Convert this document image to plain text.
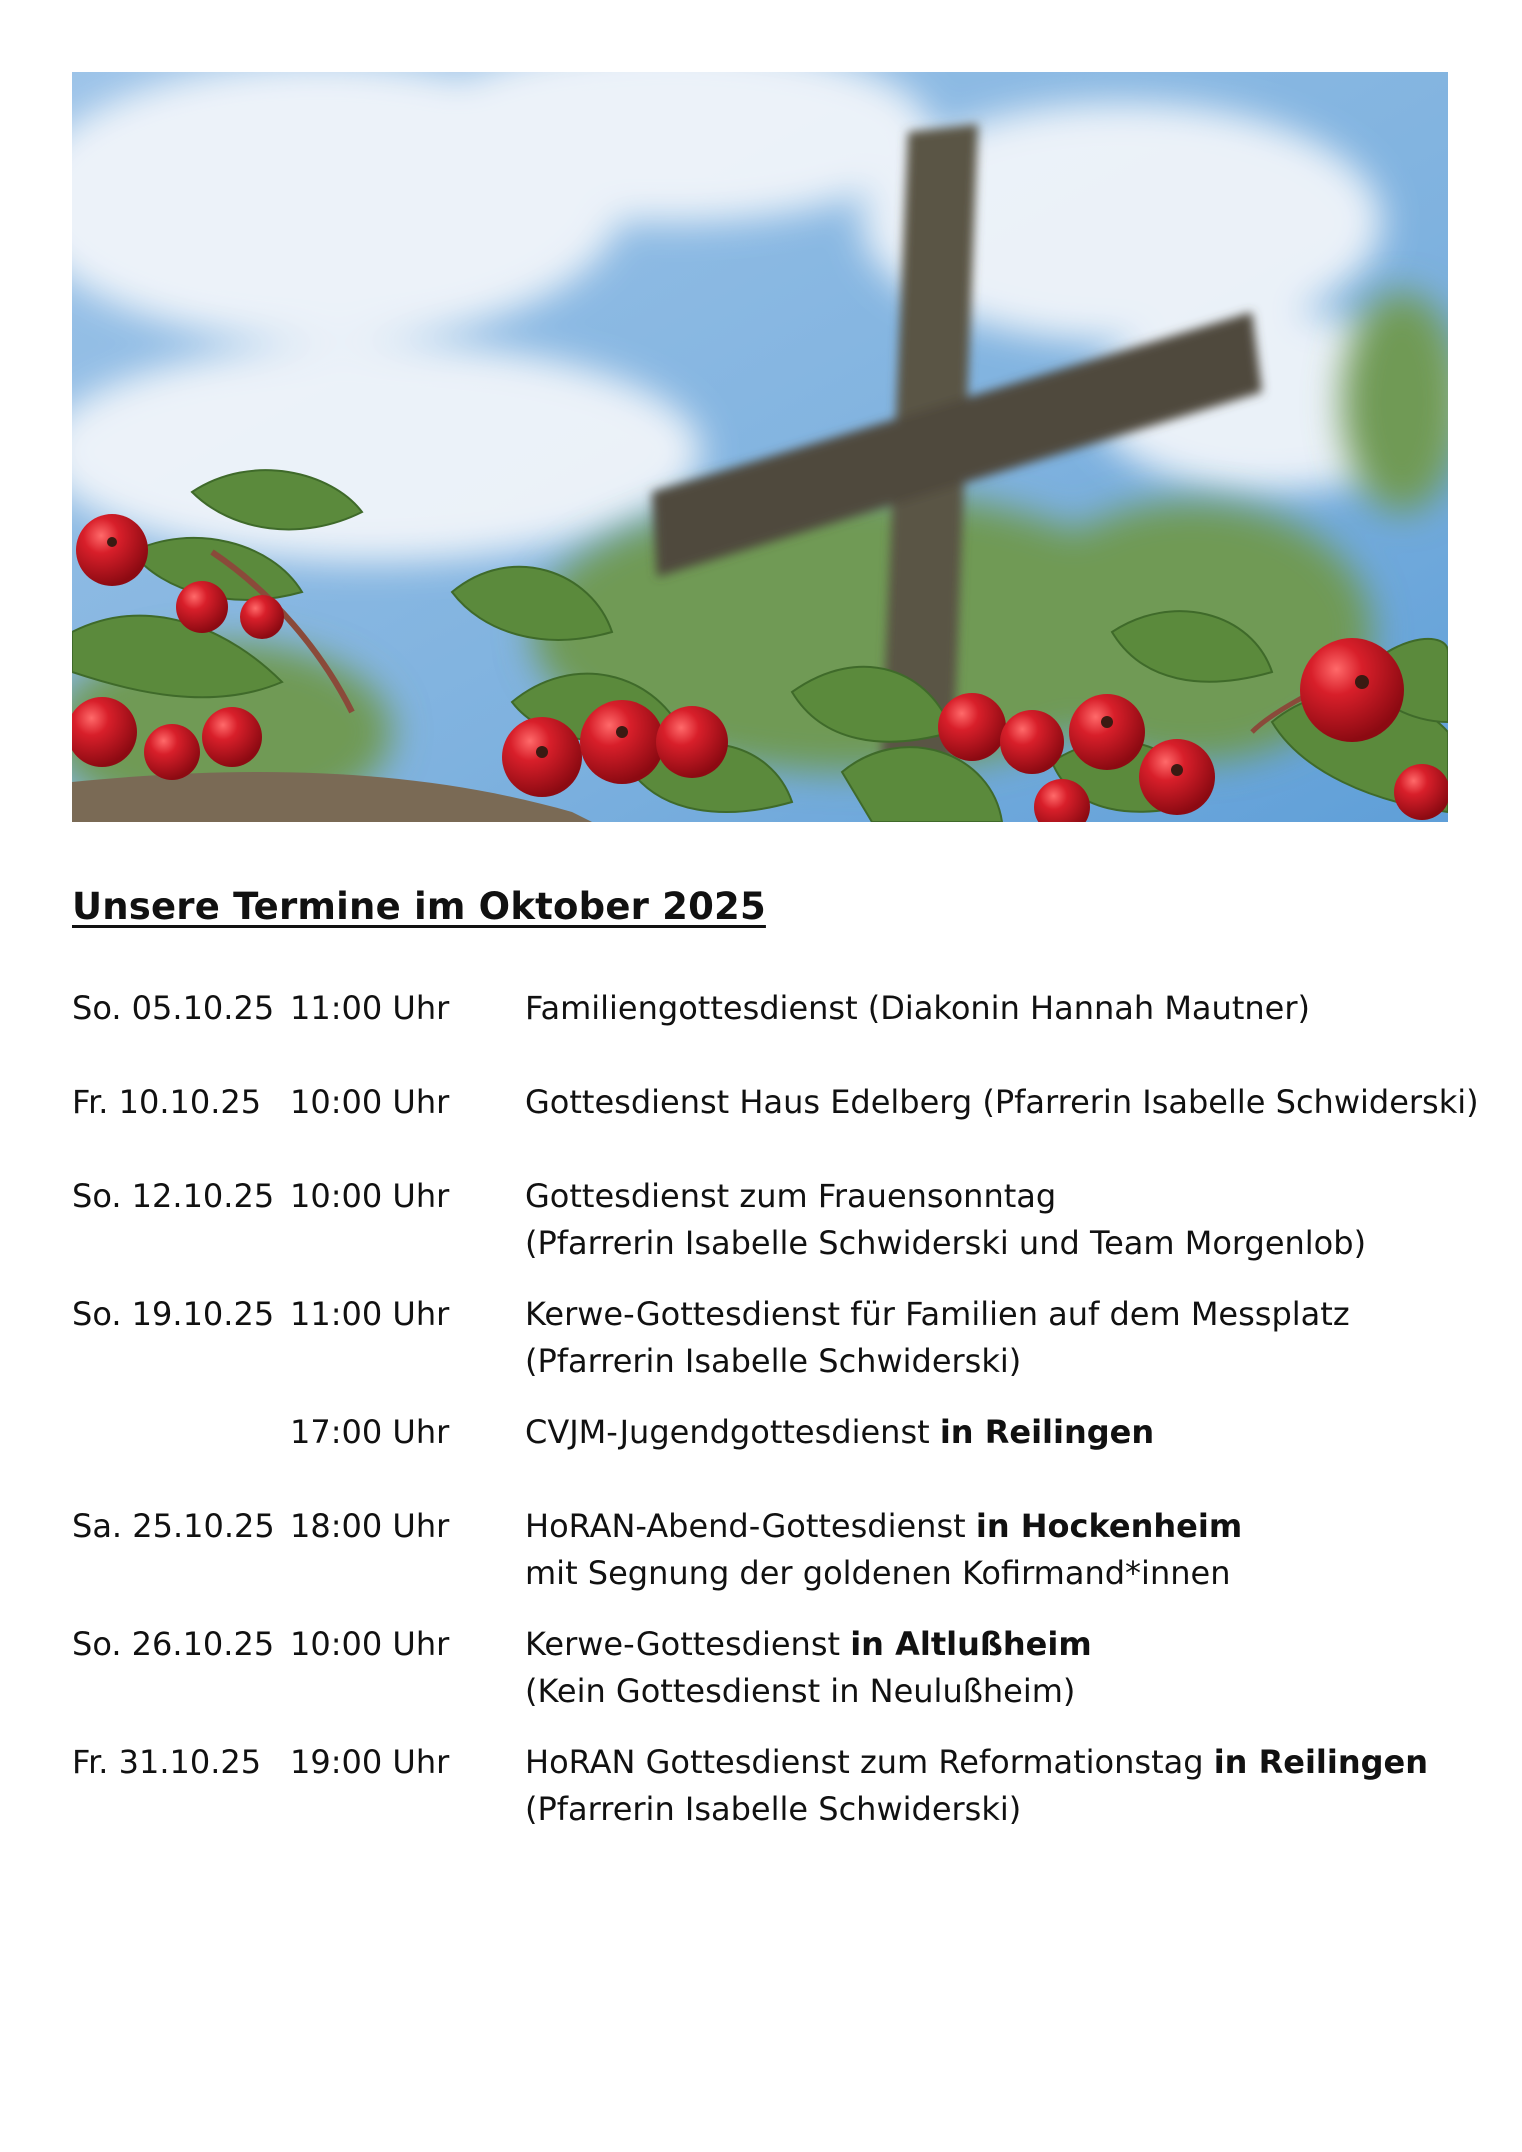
Unsere Termine im Oktober 2025
So. 05.10.25 11:00 Uhr Familiengottesdienst (Diakonin Hannah Mautner)
Fr. 10.10.25 10:00 Uhr Gottesdienst Haus Edelberg (Pfarrerin Isabelle Schwiderski)
So. 12.10.25 10:00 Uhr Gottesdienst zum Frauensonntag
(Pfarrerin Isabelle Schwiderski und Team Morgenlob)
So. 19.10.25 11:00 Uhr Kerwe-Gottesdienst für Familien auf dem Messplatz
(Pfarrerin Isabelle Schwiderski)
17:00 Uhr CVJM-Jugendgottesdienst in Reilingen
Sa. 25.10.25 18:00 Uhr HoRAN-Abend-Gottesdienst in Hockenheim
mit Segnung der goldenen Kofirmand*innen
So. 26.10.25 10:00 Uhr Kerwe-Gottesdienst in Altlußheim
(Kein Gottesdienst in Neulußheim)
Fr. 31.10.25 19:00 Uhr HoRAN Gottesdienst zum Reformationstag in Reilingen
(Pfarrerin Isabelle Schwiderski)
